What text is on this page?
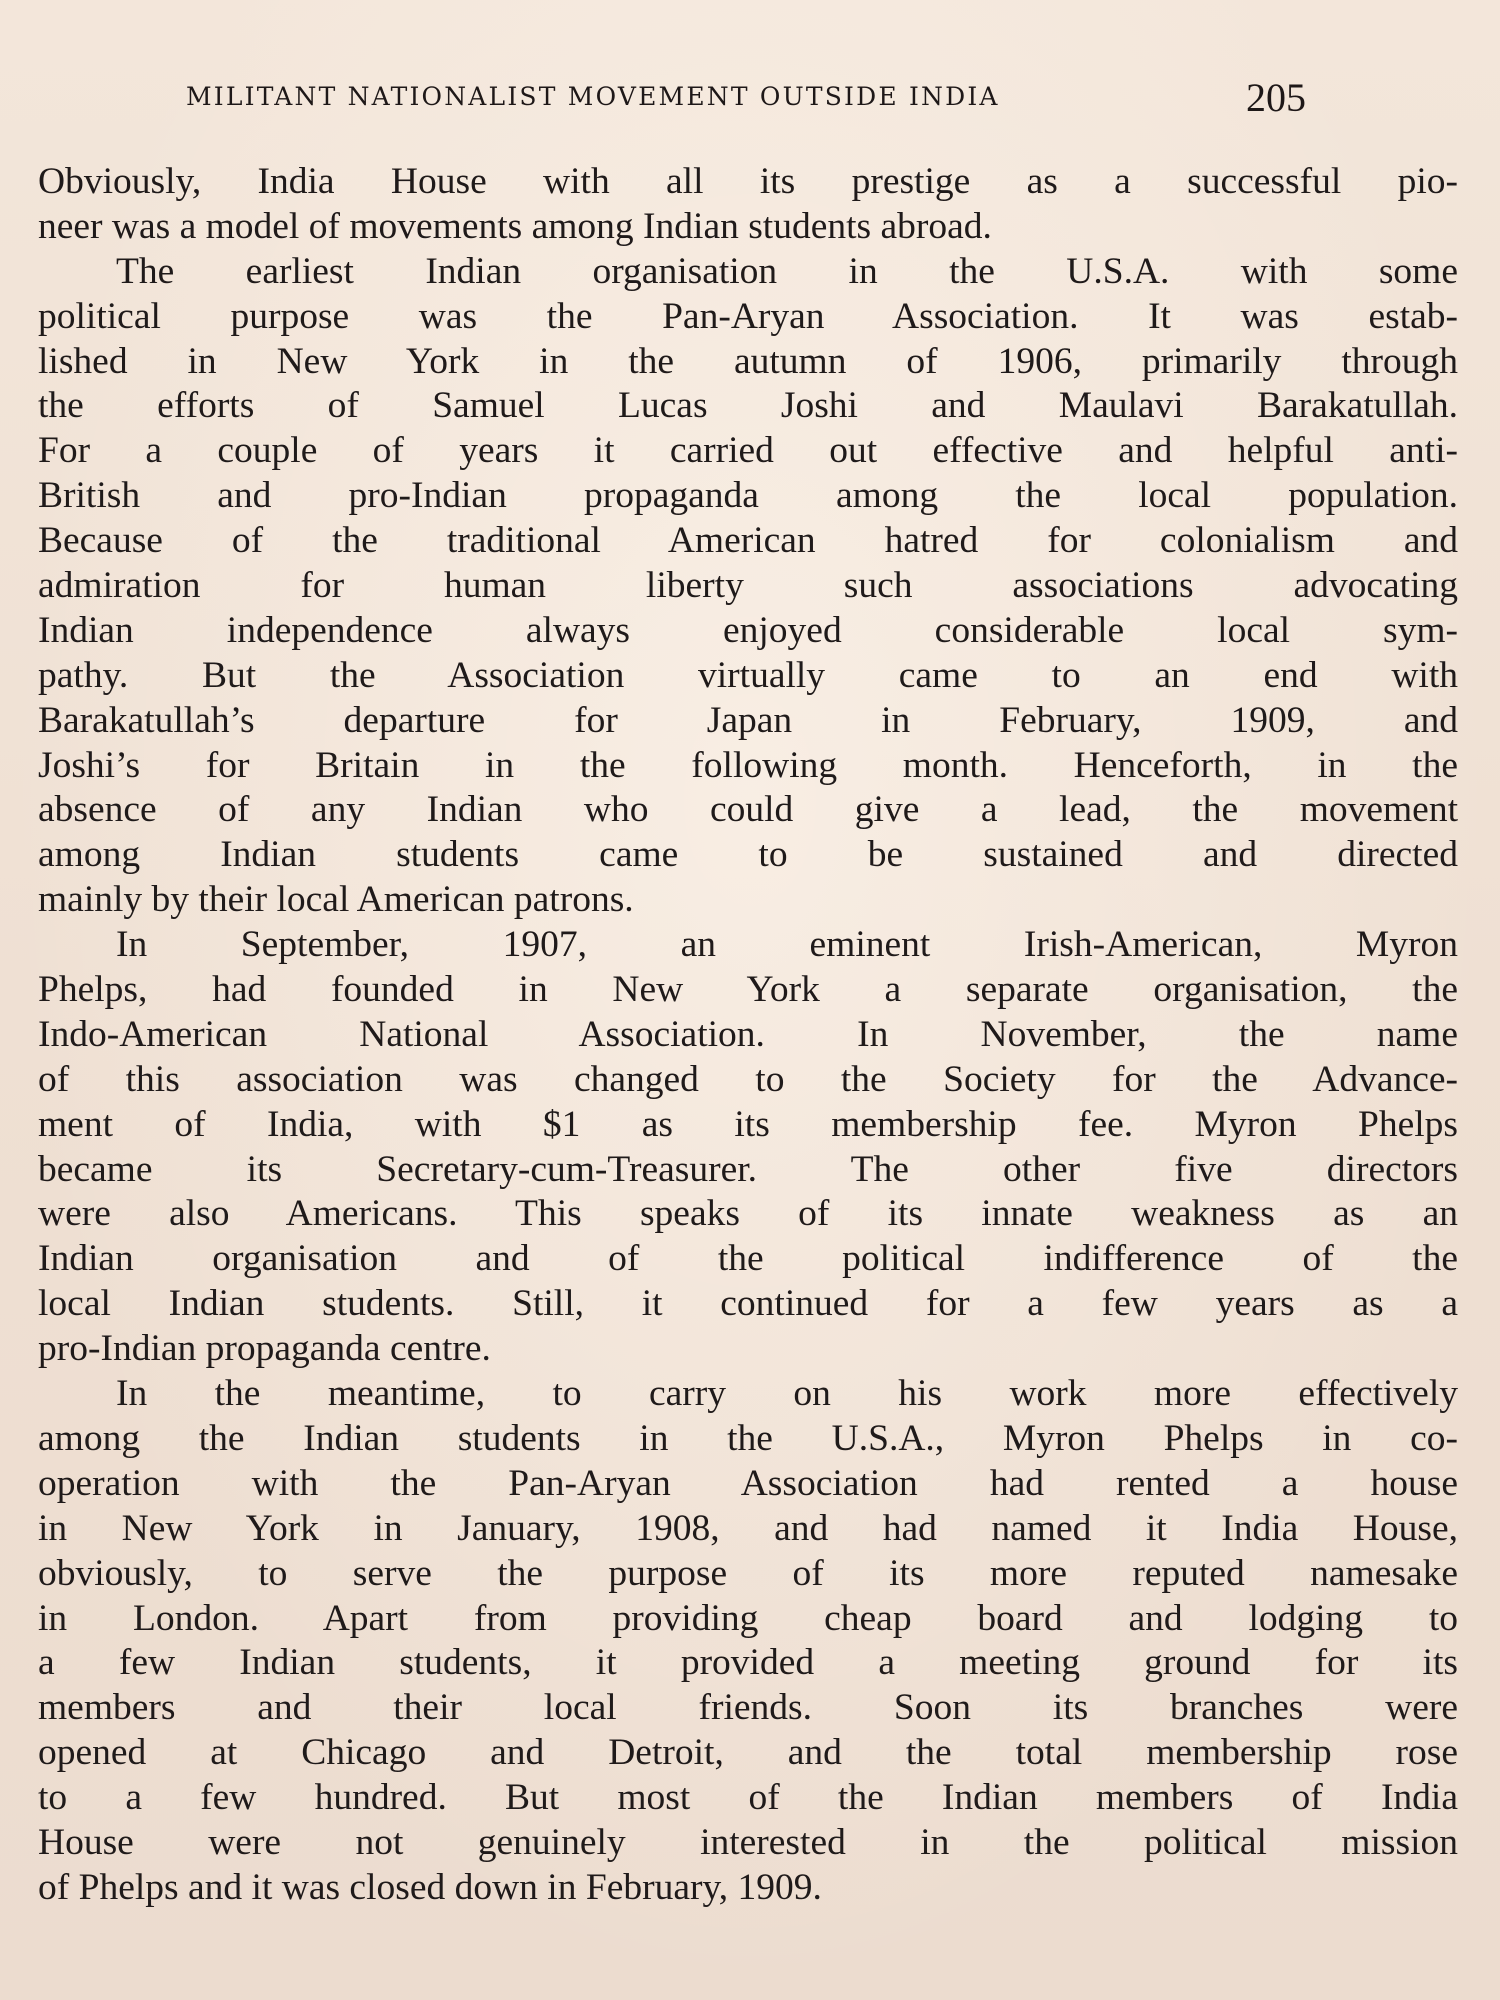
MILITANT NATIONALIST MOVEMENT OUTSIDE INDIA	205
Obviously, India House with all its prestige as a successful pio-
neer was a model of movements among Indian students abroad.
The earliest Indian organisation in the U.S.A. with some
political purpose was the Pan-Aryan Association. It was estab-
lished in New York in the autumn of 1906, primarily through
the efforts of Samuel Lucas Joshi and Maulavi Barakatullah.
For a couple of years it carried out effective and helpful anti-
British and pro-Indian propaganda among the local population.
Because of the traditional American hatred for colonialism and
admiration for human liberty such associations advocating
Indian independence always enjoyed considerable local sym-
pathy. But the Association virtually came to an end with
Barakatullah’s departure for Japan in February, 1909, and
Joshi’s for Britain in the following month. Henceforth, in the
absence of any Indian who could give a lead, the movement
among Indian students came to be sustained and directed
mainly by their local American patrons.
In September, 1907, an eminent Irish-American, Myron
Phelps, had founded in New York a separate organisation, the
Indo-American National Association. In November, the name
of this association was changed to the Society for the Advance-
ment of India, with $1 as its membership fee. Myron Phelps
became its Secretary-cum-Treasurer. The other five directors
were also Americans. This speaks of its innate weakness as an
Indian organisation and of the political indifference of the
local Indian students. Still, it continued for a few years as a
pro-Indian propaganda centre.
In the meantime, to carry on his work more effectively
among the Indian students in the U.S.A., Myron Phelps in co-
operation with the Pan-Aryan Association had rented a house
in New York in January, 1908, and had named it India House,
obviously, to serve the purpose of its more reputed namesake
in London. Apart from providing cheap board and lodging to
a few Indian students, it provided a meeting ground for its
members and their local friends. Soon its branches were
opened at Chicago and Detroit, and the total membership rose
to a few hundred. But most of the Indian members of India
House were not genuinely interested in the political mission
of Phelps and it was closed down in February, 1909.
